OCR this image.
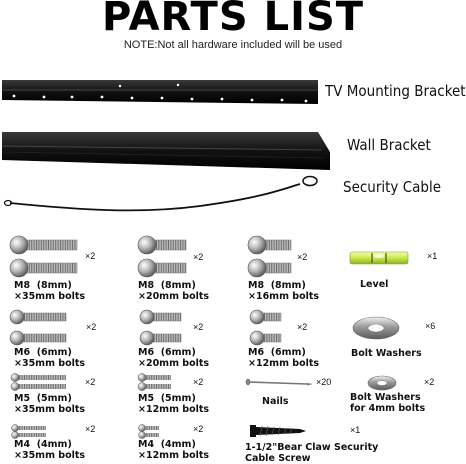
PARTS LIST
NOTE:Not all hardware included will be used
TV Mounting Bracket
Wall Bracket
Security Cable
×2
M8 (8mm)
×35mm bolts
×2
M8 (8mm)
×20mm bolts
×2
M8 (8mm)
×16mm bolts
×2
M6 (6mm)
×35mm bolts
×2
M6 (6mm)
×20mm bolts
×2
M6 (6mm)
×12mm bolts
×2
M5 (5mm)
×35mm bolts
×2
M5 (5mm)
×12mm bolts
×2
M4 (4mm)
×35mm bolts
×2
M4 (4mm)
×12mm bolts
×1
Level
×6
Bolt Washers
×20
Nails
×2
Bolt Washers
for 4mm bolts
×1
1-1/2"Bear Claw Security
Cable Screw
